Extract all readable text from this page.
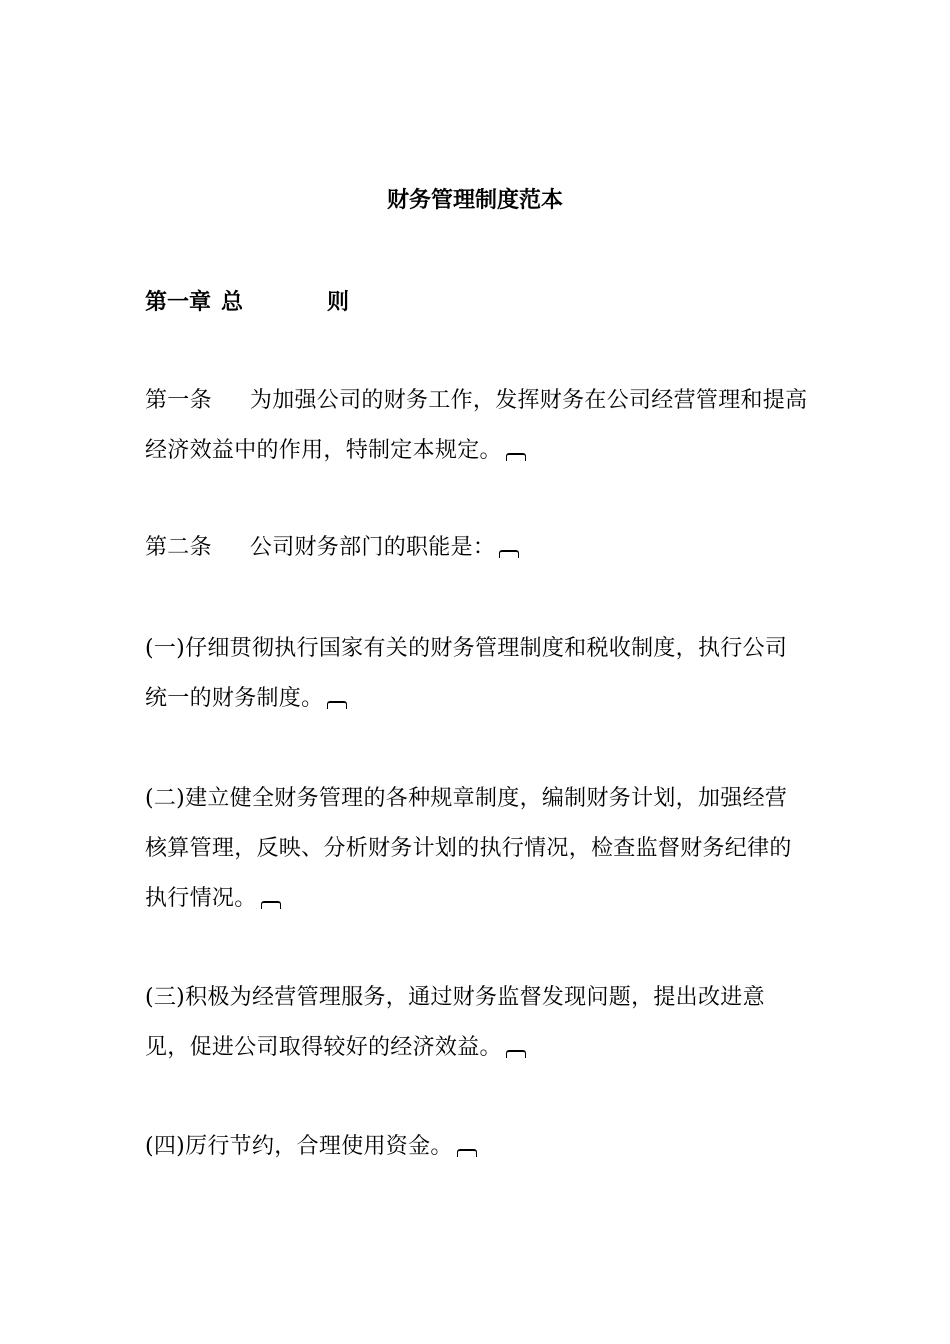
财务管理制度范本
第一章 总	则

第一条 为加强公司的财务工作，发挥财务在公司经营管理和提高经济效益中的作用，特制定本规定。

第二条 公司财务部门的职能是：

(一)仔细贯彻执行国家有关的财务管理制度和税收制度，执行公司统一的财务制度。

(二)建立健全财务管理的各种规章制度，编制财务计划，加强经营核算管理，反映、分析财务计划的执行情况，检查监督财务纪律的执行情况。

(三)积极为经营管理服务，通过财务监督发现问题，提出改进意见，促进公司取得较好的经济效益。

(四)厉行节约，合理使用资金。
